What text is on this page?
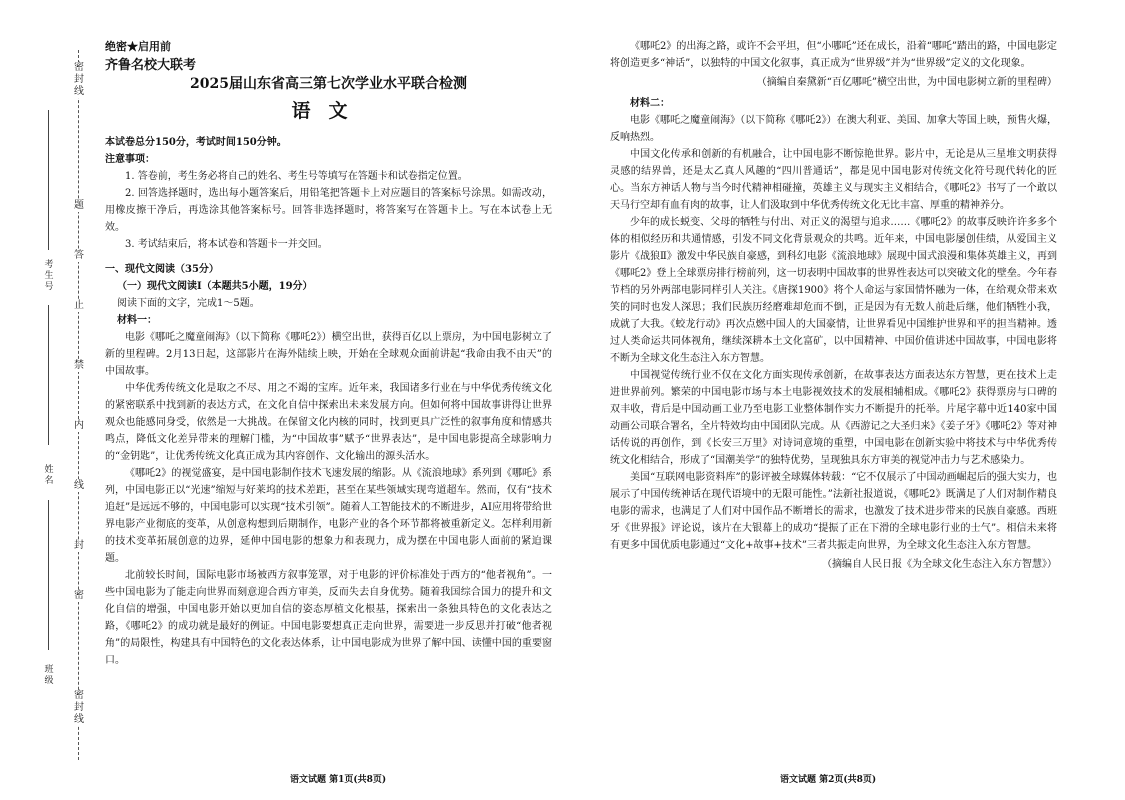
密封线
题
答
止
禁
内
线
封
密
密封线
考生号
姓名
班级
绝密★启用前
齐鲁名校大联考
2025届山东省高三第七次学业水平联合检测
语文

本试卷总分150分，考试时间150分钟。

注意事项：

1. 答卷前，考生务必将自己的姓名、考生号等填写在答题卡和试卷指定位置。

2. 回答选择题时，选出每小题答案后，用铅笔把答题卡上对应题目的答案标号涂黑。如需改动，用橡皮擦干净后，再选涂其他答案标号。回答非选择题时，将答案写在答题卡上。写在本试卷上无效。

3. 考试结束后，将本试卷和答题卡一并交回。

一、现代文阅读（35分）

（一）现代文阅读Ⅰ（本题共5小题，19分）

阅读下面的文字，完成1～5题。

材料一：

电影《哪吒之魔童闹海》（以下简称《哪吒2》）横空出世，获得百亿以上票房，为中国电影树立了新的里程碑。2月13日起，这部影片在海外陆续上映，开始在全球观众面前讲起“我命由我不由天”的中国故事。

中华优秀传统文化是取之不尽、用之不竭的宝库。近年来，我国诸多行业在与中华优秀传统文化的紧密联系中找到新的表达方式，在文化自信中探索出未来发展方向。但如何将中国故事讲得让世界观众也能感同身受，依然是一大挑战。在保留文化内核的同时，找到更具广泛性的叙事角度和情感共鸣点，降低文化差异带来的理解门槛，为“中国故事”赋予“世界表达”，是中国电影提高全球影响力的“金钥匙”，让优秀传统文化真正成为其内容创作、文化输出的源头活水。

《哪吒2》的视觉盛宴，是中国电影制作技术飞速发展的缩影。从《流浪地球》系列到《哪吒》系列，中国电影正以“光速”缩短与好莱坞的技术差距，甚至在某些领域实现弯道超车。然而，仅有“技术追赶”是远远不够的，中国电影可以实现“技术引领”。随着人工智能技术的不断进步，AI应用将带给世界电影产业彻底的变革，从创意构想到后期制作，电影产业的各个环节都将被重新定义。怎样利用新的技术变革拓展创意的边界，延伸中国电影的想象力和表现力，成为摆在中国电影人面前的紧迫课题。

北前较长时间，国际电影市场被西方叙事笼罩，对于电影的评价标准处于西方的“他者视角”。一些中国电影为了能走向世界而刻意迎合西方审美，反而失去自身优势。随着我国综合国力的提升和文化自信的增强，中国电影开始以更加自信的姿态厚植文化根基，探索出一条独具特色的文化表达之路，《哪吒2》的成功就是最好的例证。中国电影要想真正走向世界，需要进一步反思并打破“他者视角”的局限性，构建具有中国特色的文化表达体系，让中国电影成为世界了解中国、读懂中国的重要窗口。

语文试题 第1页(共8页)

《哪吒2》的出海之路，或许不会平坦，但“小哪吒”还在成长，沿着“哪吒”踏出的路，中国电影定将创造更多“神话”，以独特的中国文化叙事，真正成为“世界级”并为“世界级”定义的文化现象。

（摘编自秦黛新“百亿哪吒”横空出世，为中国电影树立新的里程碑）

材料二：

电影《哪吒之魔童闹海》（以下简称《哪吒2》）在澳大利亚、美国、加拿大等国上映，预售火爆，反响热烈。

中国文化传承和创新的有机融合，让中国电影不断惊艳世界。影片中，无论是从三星堆文明获得灵感的结界兽，还是太乙真人风趣的“四川普通话”，都是见中国电影对传统文化符号现代转化的匠心。当东方神话人物与当今时代精神相碰撞，英雄主义与现实主义相结合，《哪吒2》书写了一个敢以天马行空却有血有肉的故事，让人们汲取到中华优秀传统文化无比丰富、厚重的精神养分。

少年的成长蜕变、父母的牺牲与付出、对正义的渴望与追求……《哪吒2》的故事反映许许多多个体的相似经历和共通情感，引发不同文化背景观众的共鸣。近年来，中国电影屡创佳绩，从爱国主义影片《战狼Ⅱ》激发中华民族自豪感，到科幻电影《流浪地球》展现中国式浪漫和集体英雄主义，再到《哪吒2》登上全球票房排行榜前列，这一切表明中国故事的世界性表达可以突破文化的壁垒。今年春节档的另外两部电影同样引人关注。《唐探1900》将个人命运与家国情怀融为一体，在给观众带来欢笑的同时也发人深思；我们民族历经磨难却危而不倒，正是因为有无数人前赴后继，他们牺牲小我，成就了大我。《蛟龙行动》再次点燃中国人的大国豪情，让世界看见中国维护世界和平的担当精神。透过人类命运共同体视角，继续深耕本土文化富矿，以中国精神、中国价值讲述中国故事，中国电影将不断为全球文化生态注入东方智慧。

中国视觉传统行业不仅在文化方面实现传承创新，在故事表达方面表达东方智慧，更在技术上走进世界前列。繁荣的中国电影市场与本土电影视效技术的发展相辅相成。《哪吒2》获得票房与口碑的双丰收，背后是中国动画工业乃至电影工业整体制作实力不断提升的托举。片尾字幕中近140家中国动画公司联合署名，全片特效均由中国团队完成。从《西游记之大圣归来》《姜子牙》《哪吒2》等对神话传说的再创作，到《长安三万里》对诗词意境的重塑，中国电影在创新实验中将技术与中华优秀传统文化相结合，形成了“国潮美学”的独特优势，呈现独具东方审美的视觉冲击力与艺术感染力。

美国“互联网电影资料库”的影评被全球媒体转载：“它不仅展示了中国动画崛起后的强大实力，也展示了中国传统神话在现代语境中的无限可能性。”法新社报道说，《哪吒2》既满足了人们对制作精良电影的需求，也满足了人们对中国作品不断增长的需求，也激发了技术进步带来的民族自豪感。西班牙《世界报》评论说，该片在大银幕上的成功“提振了正在下滑的全球电影行业的士气”。相信未来将有更多中国优质电影通过“文化+故事+技术”三者共振走向世界，为全球文化生态注入东方智慧。

（摘编自人民日报《为全球文化生态注入东方智慧》）

语文试题 第2页(共8页)
